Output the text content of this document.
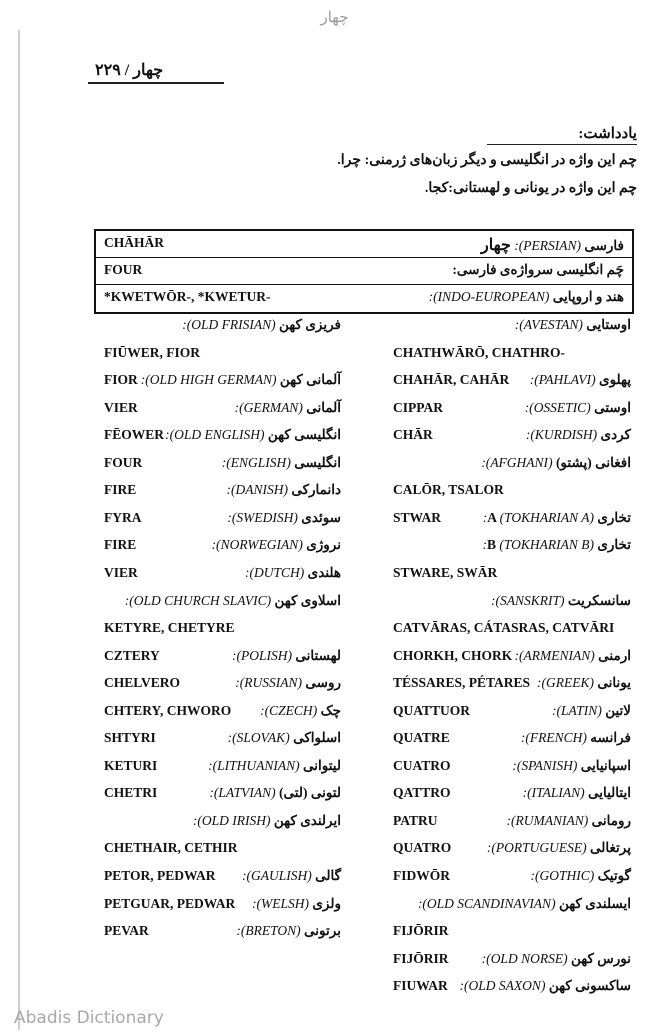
چهار
چهار / ۲۲۹
یادداشت:
چم این واژه در انگلیسی و دیگر زبان‌های ژرمنی: چرا.
چم این واژه در یونانی و لهستانی:کجا.
CHĀHĀR	فارسی (PERSIAN): چهار
FOUR	چَم انگلیسی سرواژه‌ی فارسی:
*KWETWŌR-, *KWETUR-	هند و اروپایی (INDO-EUROPEAN):
اوستایی (AVESTAN):
CHATHWĀRŌ, CHATHRO-
پهلوی (PAHLAVI):
CHAHĀR, CAHĀR
اوستی (OSSETIC):
CIPPAR
کردی (KURDISH):
CHĀR
افغانی (پشتو) (AFGHANI):
CALŌR, TSALOR
تخاری A (TOKHARIAN A):
STWAR
تخاری B (TOKHARIAN B):
STWARE, SWĀR
سانسکریت (SANSKRIT):
CATVĀRAS, CÁTASRAS, CATVĀRI
ارمنی (ARMENIAN):
CHORKH, CHORK
یونانی (GREEK):
TÉSSARES, PÉTARES
لاتین (LATIN):
QUATTUOR
فرانسه (FRENCH):
QUATRE
اسپانیایی (SPANISH):
CUATRO
ایتالیایی (ITALIAN):
QATTRO
رومانی (RUMANIAN):
PATRU
پرتغالی (PORTUGUESE):
QUATRO
گوتیک (GOTHIC):
FIDWŌR
ایسلندی کهن (OLD SCANDINAVIAN):
FIJŌRIR
نورس کهن (OLD NORSE):
FIJŌRIR
ساکسونی کهن (OLD SAXON):
FIUWAR
فریزی کهن (OLD FRISIAN):
FIŪWER, FIOR
آلمانی کهن (OLD HIGH GERMAN):
FIOR
آلمانی (GERMAN):
VIER
انگلیسی کهن (OLD ENGLISH):
FĒOWER
انگلیسی (ENGLISH):
FOUR
دانمارکی (DANISH):
FIRE
سوئدی (SWEDISH):
FYRA
نروژی (NORWEGIAN):
FIRE
هلندی (DUTCH):
VIER
اسلاوی کهن (OLD CHURCH SLAVIC):
KETYRE, CHETYRE
لهستانی (POLISH):
CZTERY
روسی (RUSSIAN):
CHELVERO
چک (CZECH):
CHTERY, CHWORO
اسلواکی (SLOVAK):
SHTYRI
لیتوانی (LITHUANIAN):
KETURI
لتونی (لتی) (LATVIAN):
CHETRI
ایرلندی کهن (OLD IRISH):
CHETHAIR, CETHIR
گالی (GAULISH):
PETOR, PEDWAR
ولزی (WELSH):
PETGUAR, PEDWAR
برتونی (BRETON):
PEVAR
Abadis Dictionary
